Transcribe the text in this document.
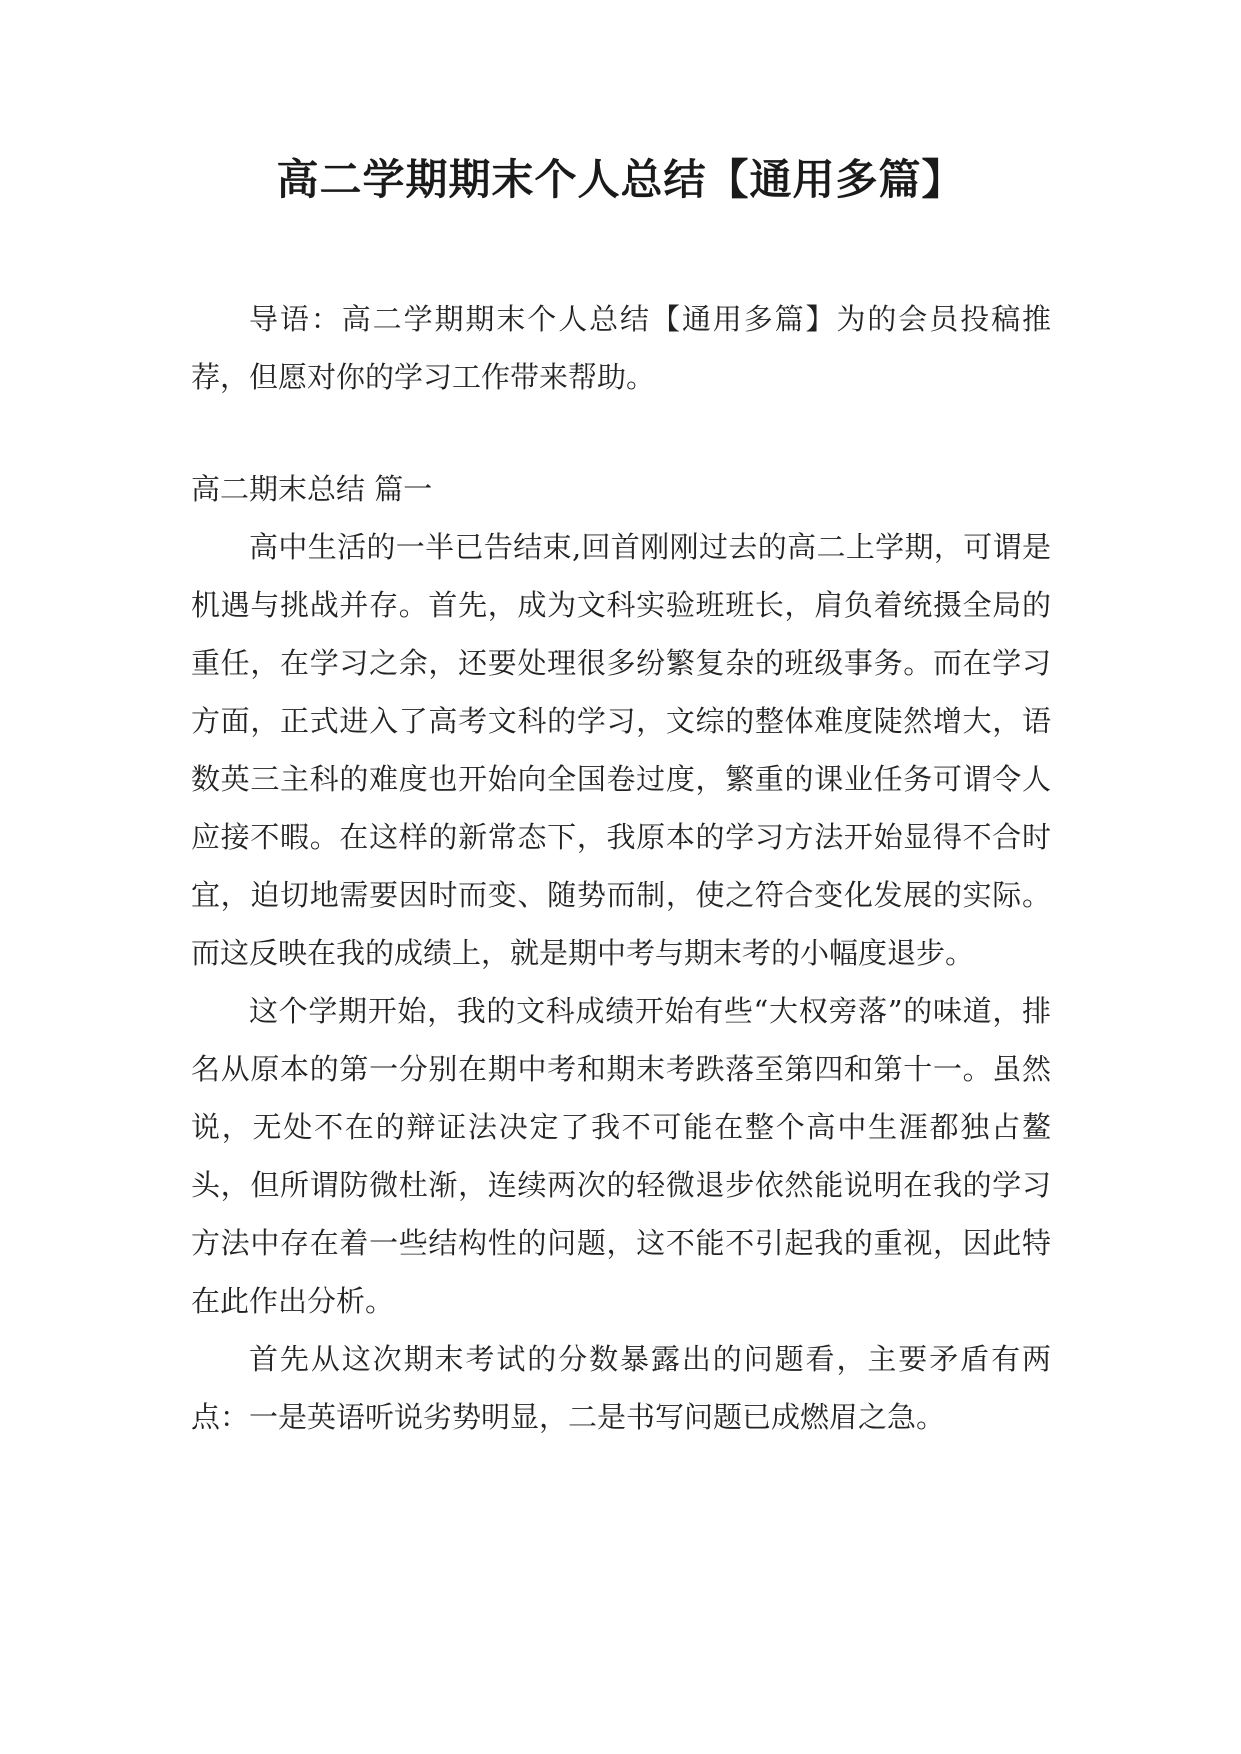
高二学期期末个人总结【通用多篇】
导语：高二学期期末个人总结【通用多篇】为的会员投稿推荐，但愿对你的学习工作带来帮助。
高二期末总结 篇一

高中生活的一半已告结束,回首刚刚过去的高二上学期，可谓是机遇与挑战并存。首先，成为文科实验班班长，肩负着统摄全局的重任，在学习之余，还要处理很多纷繁复杂的班级事务。而在学习方面，正式进入了高考文科的学习，文综的整体难度陡然增大，语数英三主科的难度也开始向全国卷过度，繁重的课业任务可谓令人应接不暇。在这样的新常态下，我原本的学习方法开始显得不合时宜，迫切地需要因时而变、随势而制，使之符合变化发展的实际。而这反映在我的成绩上，就是期中考与期末考的小幅度退步。

这个学期开始，我的文科成绩开始有些“大权旁落”的味道，排名从原本的第一分别在期中考和期末考跌落至第四和第十一。虽然说，无处不在的辩证法决定了我不可能在整个高中生涯都独占鳌头，但所谓防微杜渐，连续两次的轻微退步依然能说明在我的学习方法中存在着一些结构性的问题，这不能不引起我的重视，因此特在此作出分析。

首先从这次期末考试的分数暴露出的问题看，主要矛盾有两点：一是英语听说劣势明显，二是书写问题已成燃眉之急。
